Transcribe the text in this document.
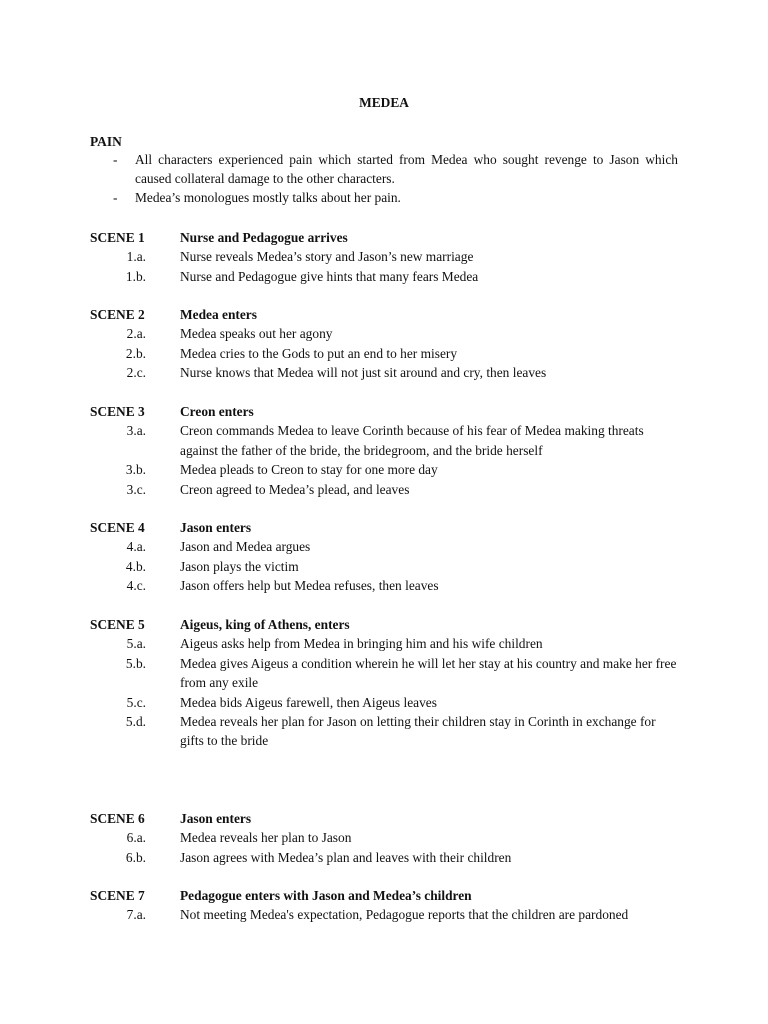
MEDEA
PAIN
- All characters experienced pain which started from Medea who sought revenge to Jason which caused collateral damage to the other characters.
- Medea’s monologues mostly talks about her pain.
SCENE 1	Nurse and Pedagogue arrives
1.a.	Nurse reveals Medea’s story and Jason’s new marriage
1.b.	Nurse and Pedagogue give hints that many fears Medea
SCENE 2	Medea enters
2.a.	Medea speaks out her agony
2.b.	Medea cries to the Gods to put an end to her misery
2.c.	Nurse knows that Medea will not just sit around and cry, then leaves
SCENE 3	Creon enters
3.a.	Creon commands Medea to leave Corinth because of his fear of Medea making threats against the father of the bride, the bridegroom, and the bride herself
3.b.	Medea pleads to Creon to stay for one more day
3.c.	Creon agreed to Medea’s plead, and leaves
SCENE 4	Jason enters
4.a.	Jason and Medea argues
4.b.	Jason plays the victim
4.c.	Jason offers help but Medea refuses, then leaves
SCENE 5	Aigeus, king of Athens, enters
5.a.	Aigeus asks help from Medea in bringing him and his wife children
5.b.	Medea gives Aigeus a condition wherein he will let her stay at his country and make her free from any exile
5.c.	Medea bids Aigeus farewell, then Aigeus leaves
5.d.	Medea reveals her plan for Jason on letting their children stay in Corinth in exchange for gifts to the bride
SCENE 6	Jason enters
6.a.	Medea reveals her plan to Jason
6.b.	Jason agrees with Medea’s plan and leaves with their children
SCENE 7	Pedagogue enters with Jason and Medea’s children
7.a.	Not meeting Medea's expectation, Pedagogue reports that the children are pardoned
